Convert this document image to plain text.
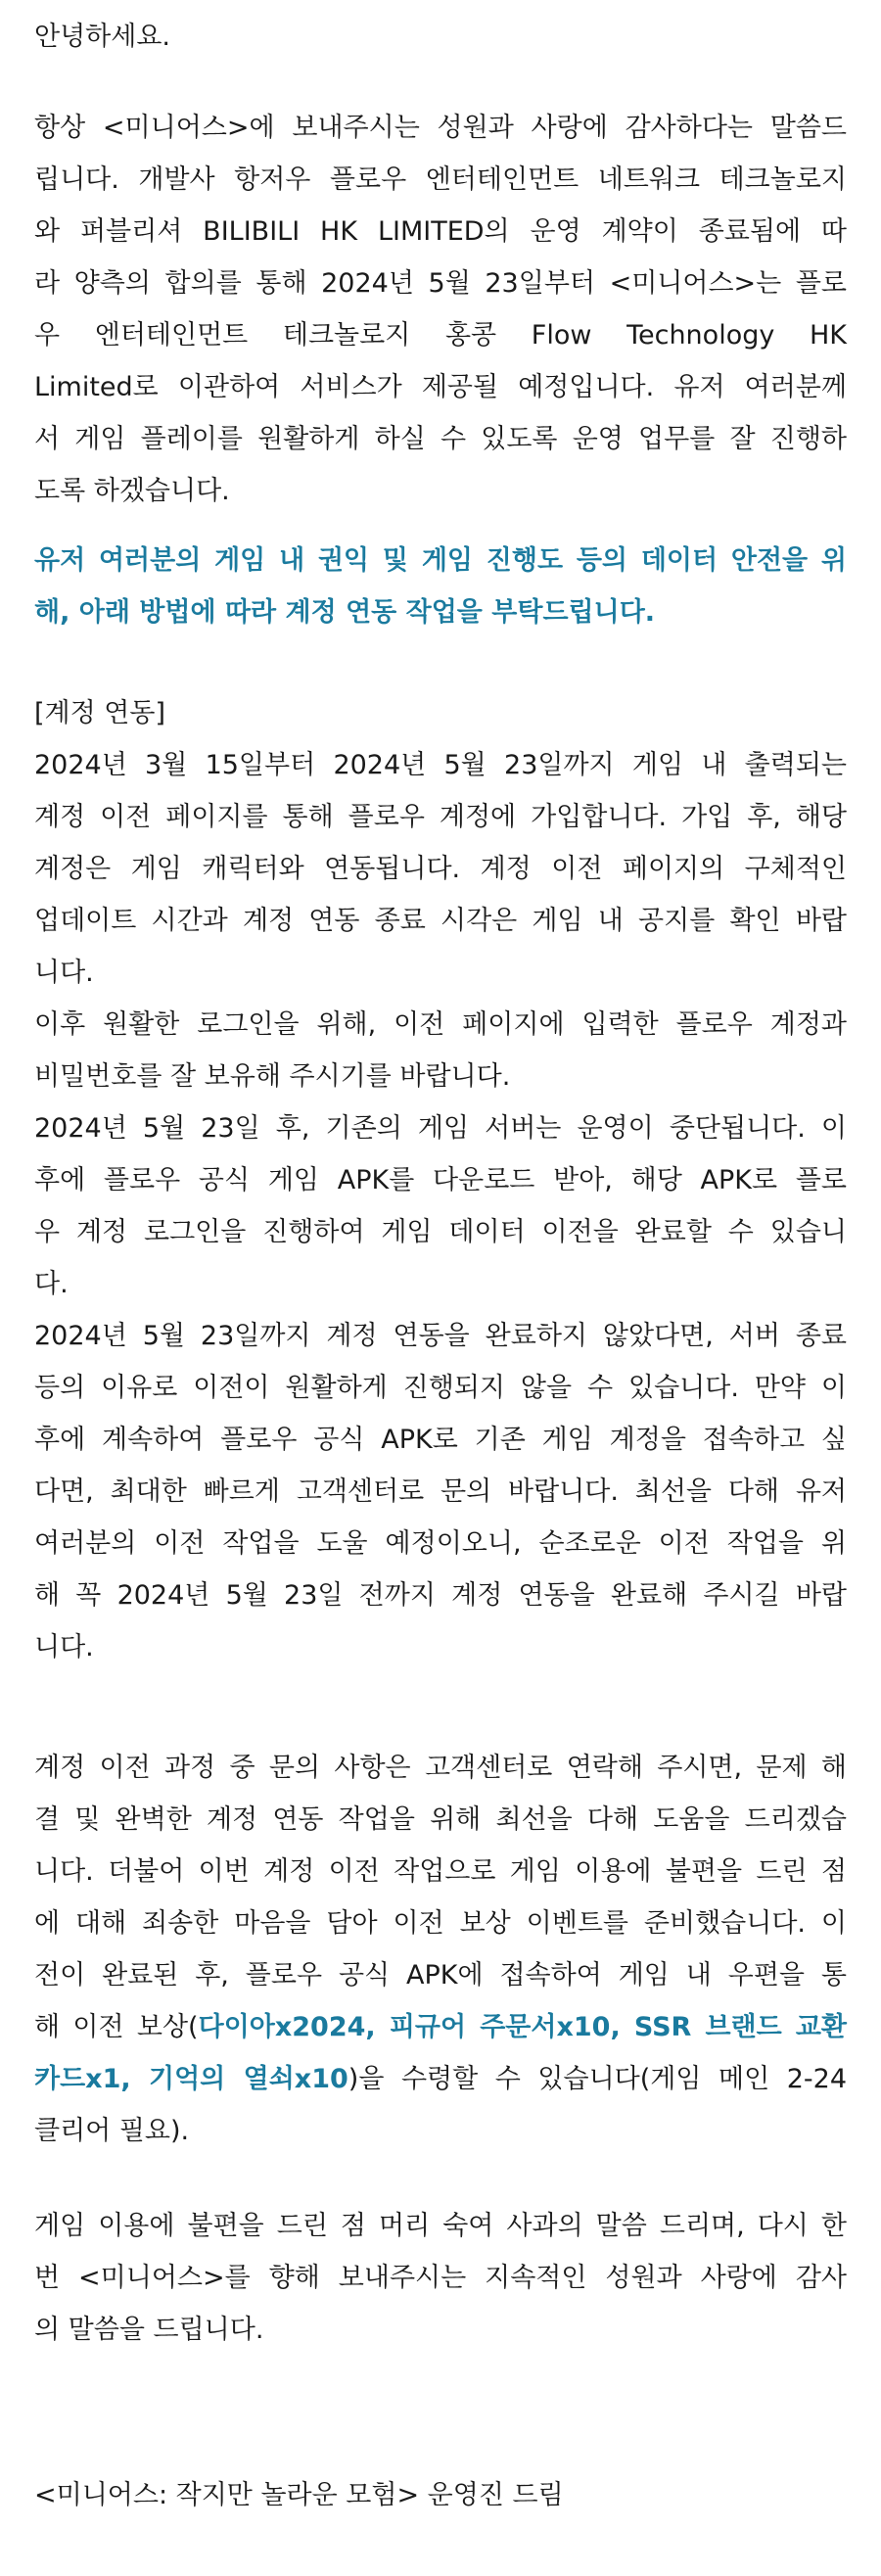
안녕하세요.
항상 <미니어스>에 보내주시는 성원과 사랑에 감사하다는 말씀드
립니다. 개발사 항저우 플로우 엔터테인먼트 네트워크 테크놀로지
와 퍼블리셔 BILIBILI HK LIMITED의 운영 계약이 종료됨에 따
라 양측의 합의를 통해 2024년 5월 23일부터 <미니어스>는 플로
우 엔터테인먼트 테크놀로지 홍콩 Flow Technology HK
Limited로 이관하여 서비스가 제공될 예정입니다. 유저 여러분께
서 게임 플레이를 원활하게 하실 수 있도록 운영 업무를 잘 진행하
도록 하겠습니다.
유저 여러분의 게임 내 권익 및 게임 진행도 등의 데이터 안전을 위
해, 아래 방법에 따라 계정 연동 작업을 부탁드립니다.
[계정 연동]
2024년 3월 15일부터 2024년 5월 23일까지 게임 내 출력되는
계정 이전 페이지를 통해 플로우 계정에 가입합니다. 가입 후, 해당
계정은 게임 캐릭터와 연동됩니다. 계정 이전 페이지의 구체적인
업데이트 시간과 계정 연동 종료 시각은 게임 내 공지를 확인 바랍
니다.
이후 원활한 로그인을 위해, 이전 페이지에 입력한 플로우 계정과
비밀번호를 잘 보유해 주시기를 바랍니다.
2024년 5월 23일 후, 기존의 게임 서버는 운영이 중단됩니다. 이
후에 플로우 공식 게임 APK를 다운로드 받아, 해당 APK로 플로
우 계정 로그인을 진행하여 게임 데이터 이전을 완료할 수 있습니
다.
2024년 5월 23일까지 계정 연동을 완료하지 않았다면, 서버 종료
등의 이유로 이전이 원활하게 진행되지 않을 수 있습니다. 만약 이
후에 계속하여 플로우 공식 APK로 기존 게임 계정을 접속하고 싶
다면, 최대한 빠르게 고객센터로 문의 바랍니다. 최선을 다해 유저
여러분의 이전 작업을 도울 예정이오니, 순조로운 이전 작업을 위
해 꼭 2024년 5월 23일 전까지 계정 연동을 완료해 주시길 바랍
니다.
계정 이전 과정 중 문의 사항은 고객센터로 연락해 주시면, 문제 해
결 및 완벽한 계정 연동 작업을 위해 최선을 다해 도움을 드리겠습
니다. 더불어 이번 계정 이전 작업으로 게임 이용에 불편을 드린 점
에 대해 죄송한 마음을 담아 이전 보상 이벤트를 준비했습니다. 이
전이 완료된 후, 플로우 공식 APK에 접속하여 게임 내 우편을 통
해 이전 보상(다이아x2024, 피규어 주문서x10, SSR 브랜드 교환
카드x1, 기억의 열쇠x10)을 수령할 수 있습니다(게임 메인 2-24
클리어 필요).
게임 이용에 불편을 드린 점 머리 숙여 사과의 말씀 드리며, 다시 한
번 <미니어스>를 향해 보내주시는 지속적인 성원과 사랑에 감사
의 말씀을 드립니다.
<미니어스: 작지만 놀라운 모험> 운영진 드림
